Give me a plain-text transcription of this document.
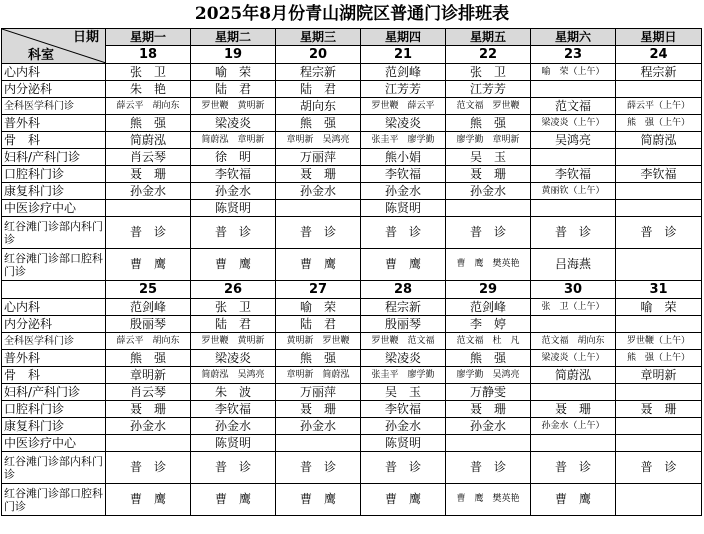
2025年8月份青山湖院区普通门诊排班表
日期
科室	星期一	星期二	星期三	星期四	星期五	星期六	星期日
	18	19	20	21	22	23	24
心内科	张　卫	喻　荣	程宗新	范剑峰	张　卫	喻　荣（上午）	程宗新
内分泌科	朱　艳	陆　君	陆　君	江芳芳	江芳芳		
全科医学科门诊	薛云平　胡向东	罗世鞭　黄明新	胡向东	罗世鞭　薛云平	范文福　罗世鞭	范文福	薛云平（上午）
普外科	熊　强	梁凌炎	熊　强	梁凌炎	熊　强	梁凌炎（上午）	熊　强（上午）
骨　科	简蔚泓	简蔚泓　章明新	章明新　吴鸿亮	张圭平　廖学勤	廖学勤　章明新	吴鸿亮	简蔚泓
妇科/产科门诊	肖云琴	徐　明	万丽萍	熊小娟	吴　玉		
口腔科门诊	聂　珊	李钦福	聂　珊	李钦福	聂　珊	李钦福	李钦福
康复科门诊	孙金水	孙金水	孙金水	孙金水	孙金水	黄丽钦（上午）	
中医诊疗中心		陈贤明		陈贤明			
红谷滩门诊部内科门诊	普　诊	普　诊	普　诊	普　诊	普　诊	普　诊	普　诊
红谷滩门诊部口腔科门诊	曹　鹰	曹　鹰	曹　鹰	曹　鹰	曹　鹰　樊英艳	吕海燕	
	25	26	27	28	29	30	31
心内科	范剑峰	张　卫	喻　荣	程宗新	范剑峰	张　卫（上午）	喻　荣
内分泌科	殷丽琴	陆　君	陆　君	殷丽琴	李　婷		
全科医学科门诊	薛云平　胡向东	罗世鞭　黄明新	黄明新　罗世鞭	罗世鞭　范文福	范文福　杜　凡	范文福　胡向东	罗世鞭（上午）
普外科	熊　强	梁凌炎	熊　强	梁凌炎	熊　强	梁凌炎（上午）	熊　强（上午）
骨　科	章明新	简蔚泓　吴鸿亮	章明新　简蔚泓	张圭平　廖学勤	廖学勤　吴鸿亮	简蔚泓	章明新
妇科/产科门诊	肖云琴	朱　波	万丽萍	吴　玉	万静雯		
口腔科门诊	聂　珊	李钦福	聂　珊	李钦福	聂　珊	聂　珊	聂　珊
康复科门诊	孙金水	孙金水	孙金水	孙金水	孙金水	孙金水（上午）	
中医诊疗中心		陈贤明		陈贤明			
红谷滩门诊部内科门诊	普　诊	普　诊	普　诊	普　诊	普　诊	普　诊	普　诊
红谷滩门诊部口腔科门诊	曹　鹰	曹　鹰	曹　鹰	曹　鹰	曹　鹰　樊英艳	曹　鹰	
